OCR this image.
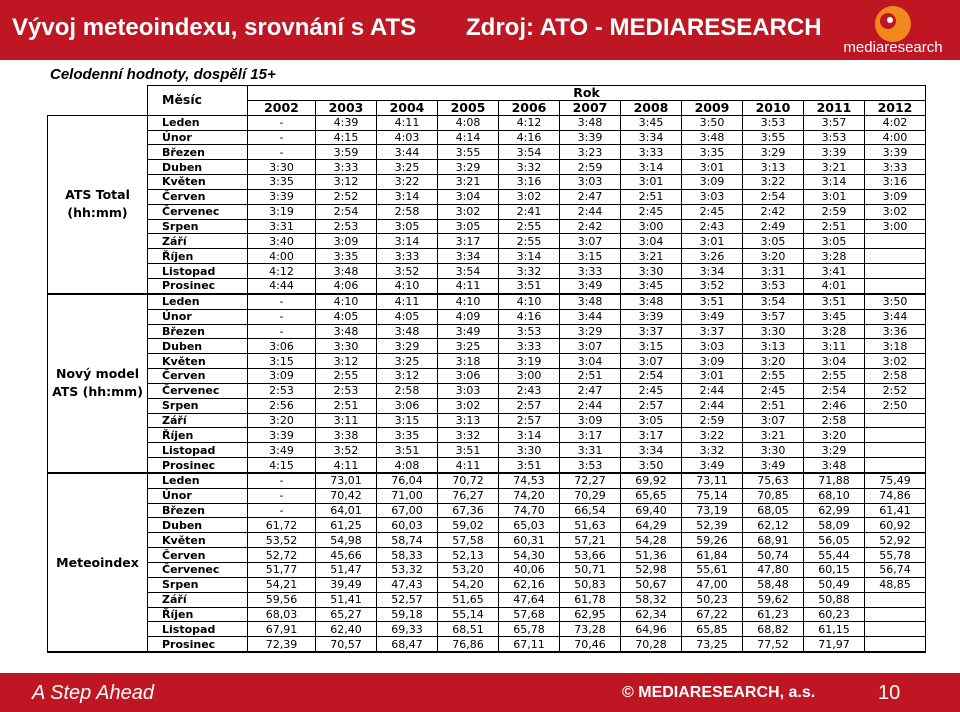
Vývoj meteoindexu, srovnání s ATS Zdroj: ATO - MEDIARESEARCH
mediaresearch
Celodenní hodnoty, dospělí 15+
	Měsíc	Rok										
		2002	2003	2004	2005	2006	2007	2008	2009	2010	2011	2012
ATS Total (hh:mm)	Leden	-	4:39	4:11	4:08	4:12	3:48	3:45	3:50	3:53	3:57	4:02
	Únor	-	4:15	4:03	4:14	4:16	3:39	3:34	3:48	3:55	3:53	4:00
	Březen	-	3:59	3:44	3:55	3:54	3:23	3:33	3:35	3:29	3:39	3:39
	Duben	3:30	3:33	3:25	3:29	3:32	2:59	3:14	3:01	3:13	3:21	3:33
	Květen	3:35	3:12	3:22	3:21	3:16	3:03	3:01	3:09	3:22	3:14	3:16
	Červen	3:39	2:52	3:14	3:04	3:02	2:47	2:51	3:03	2:54	3:01	3:09
	Červenec	3:19	2:54	2:58	3:02	2:41	2:44	2:45	2:45	2:42	2:59	3:02
	Srpen	3:31	2:53	3:05	3:05	2:55	2:42	3:00	2:43	2:49	2:51	3:00
	Září	3:40	3:09	3:14	3:17	2:55	3:07	3:04	3:01	3:05	3:05	
	Říjen	4:00	3:35	3:33	3:34	3:14	3:15	3:21	3:26	3:20	3:28	
	Listopad	4:12	3:48	3:52	3:54	3:32	3:33	3:30	3:34	3:31	3:41	
	Prosinec	4:44	4:06	4:10	4:11	3:51	3:49	3:45	3:52	3:53	4:01	
Nový model ATS (hh:mm)	Leden	-	4:10	4:11	4:10	4:10	3:48	3:48	3:51	3:54	3:51	3:50
	Únor	-	4:05	4:05	4:09	4:16	3:44	3:39	3:49	3:57	3:45	3:44
	Březen	-	3:48	3:48	3:49	3:53	3:29	3:37	3:37	3:30	3:28	3:36
	Duben	3:06	3:30	3:29	3:25	3:33	3:07	3:15	3:03	3:13	3:11	3:18
	Květen	3:15	3:12	3:25	3:18	3:19	3:04	3:07	3:09	3:20	3:04	3:02
	Červen	3:09	2:55	3:12	3:06	3:00	2:51	2:54	3:01	2:55	2:55	2:58
	Červenec	2:53	2:53	2:58	3:03	2:43	2:47	2:45	2:44	2:45	2:54	2:52
	Srpen	2:56	2:51	3:06	3:02	2:57	2:44	2:57	2:44	2:51	2:46	2:50
	Září	3:20	3:11	3:15	3:13	2:57	3:09	3:05	2:59	3:07	2:58	
	Říjen	3:39	3:38	3:35	3:32	3:14	3:17	3:17	3:22	3:21	3:20	
	Listopad	3:49	3:52	3:51	3:51	3:30	3:31	3:34	3:32	3:30	3:29	
	Prosinec	4:15	4:11	4:08	4:11	3:51	3:53	3:50	3:49	3:49	3:48	
Meteoindex	Leden	-	73,01	76,04	70,72	74,53	72,27	69,92	73,11	75,63	71,88	75,49
	Únor	-	70,42	71,00	76,27	74,20	70,29	65,65	75,14	70,85	68,10	74,86
	Březen	-	64,01	67,00	67,36	74,70	66,54	69,40	73,19	68,05	62,99	61,41
	Duben	61,72	61,25	60,03	59,02	65,03	51,63	64,29	52,39	62,12	58,09	60,92
	Květen	53,52	54,98	58,74	57,58	60,31	57,21	54,28	59,26	68,91	56,05	52,92
	Červen	52,72	45,66	58,33	52,13	54,30	53,66	51,36	61,84	50,74	55,44	55,78
	Červenec	51,77	51,47	53,32	53,20	40,06	50,71	52,98	55,61	47,80	60,15	56,74
	Srpen	54,21	39,49	47,43	54,20	62,16	50,83	50,67	47,00	58,48	50,49	48,85
	Září	59,56	51,41	52,57	51,65	47,64	61,78	58,32	50,23	59,62	50,88	
	Říjen	68,03	65,27	59,18	55,14	57,68	62,95	62,34	67,22	61,23	60,23	
	Listopad	67,91	62,40	69,33	68,51	65,78	73,28	64,96	65,85	68,82	61,15	
	Prosinec	72,39	70,57	68,47	76,86	67,11	70,46	70,28	73,25	77,52	71,97	
A Step Ahead	© MEDIARESEARCH, a.s.	10
